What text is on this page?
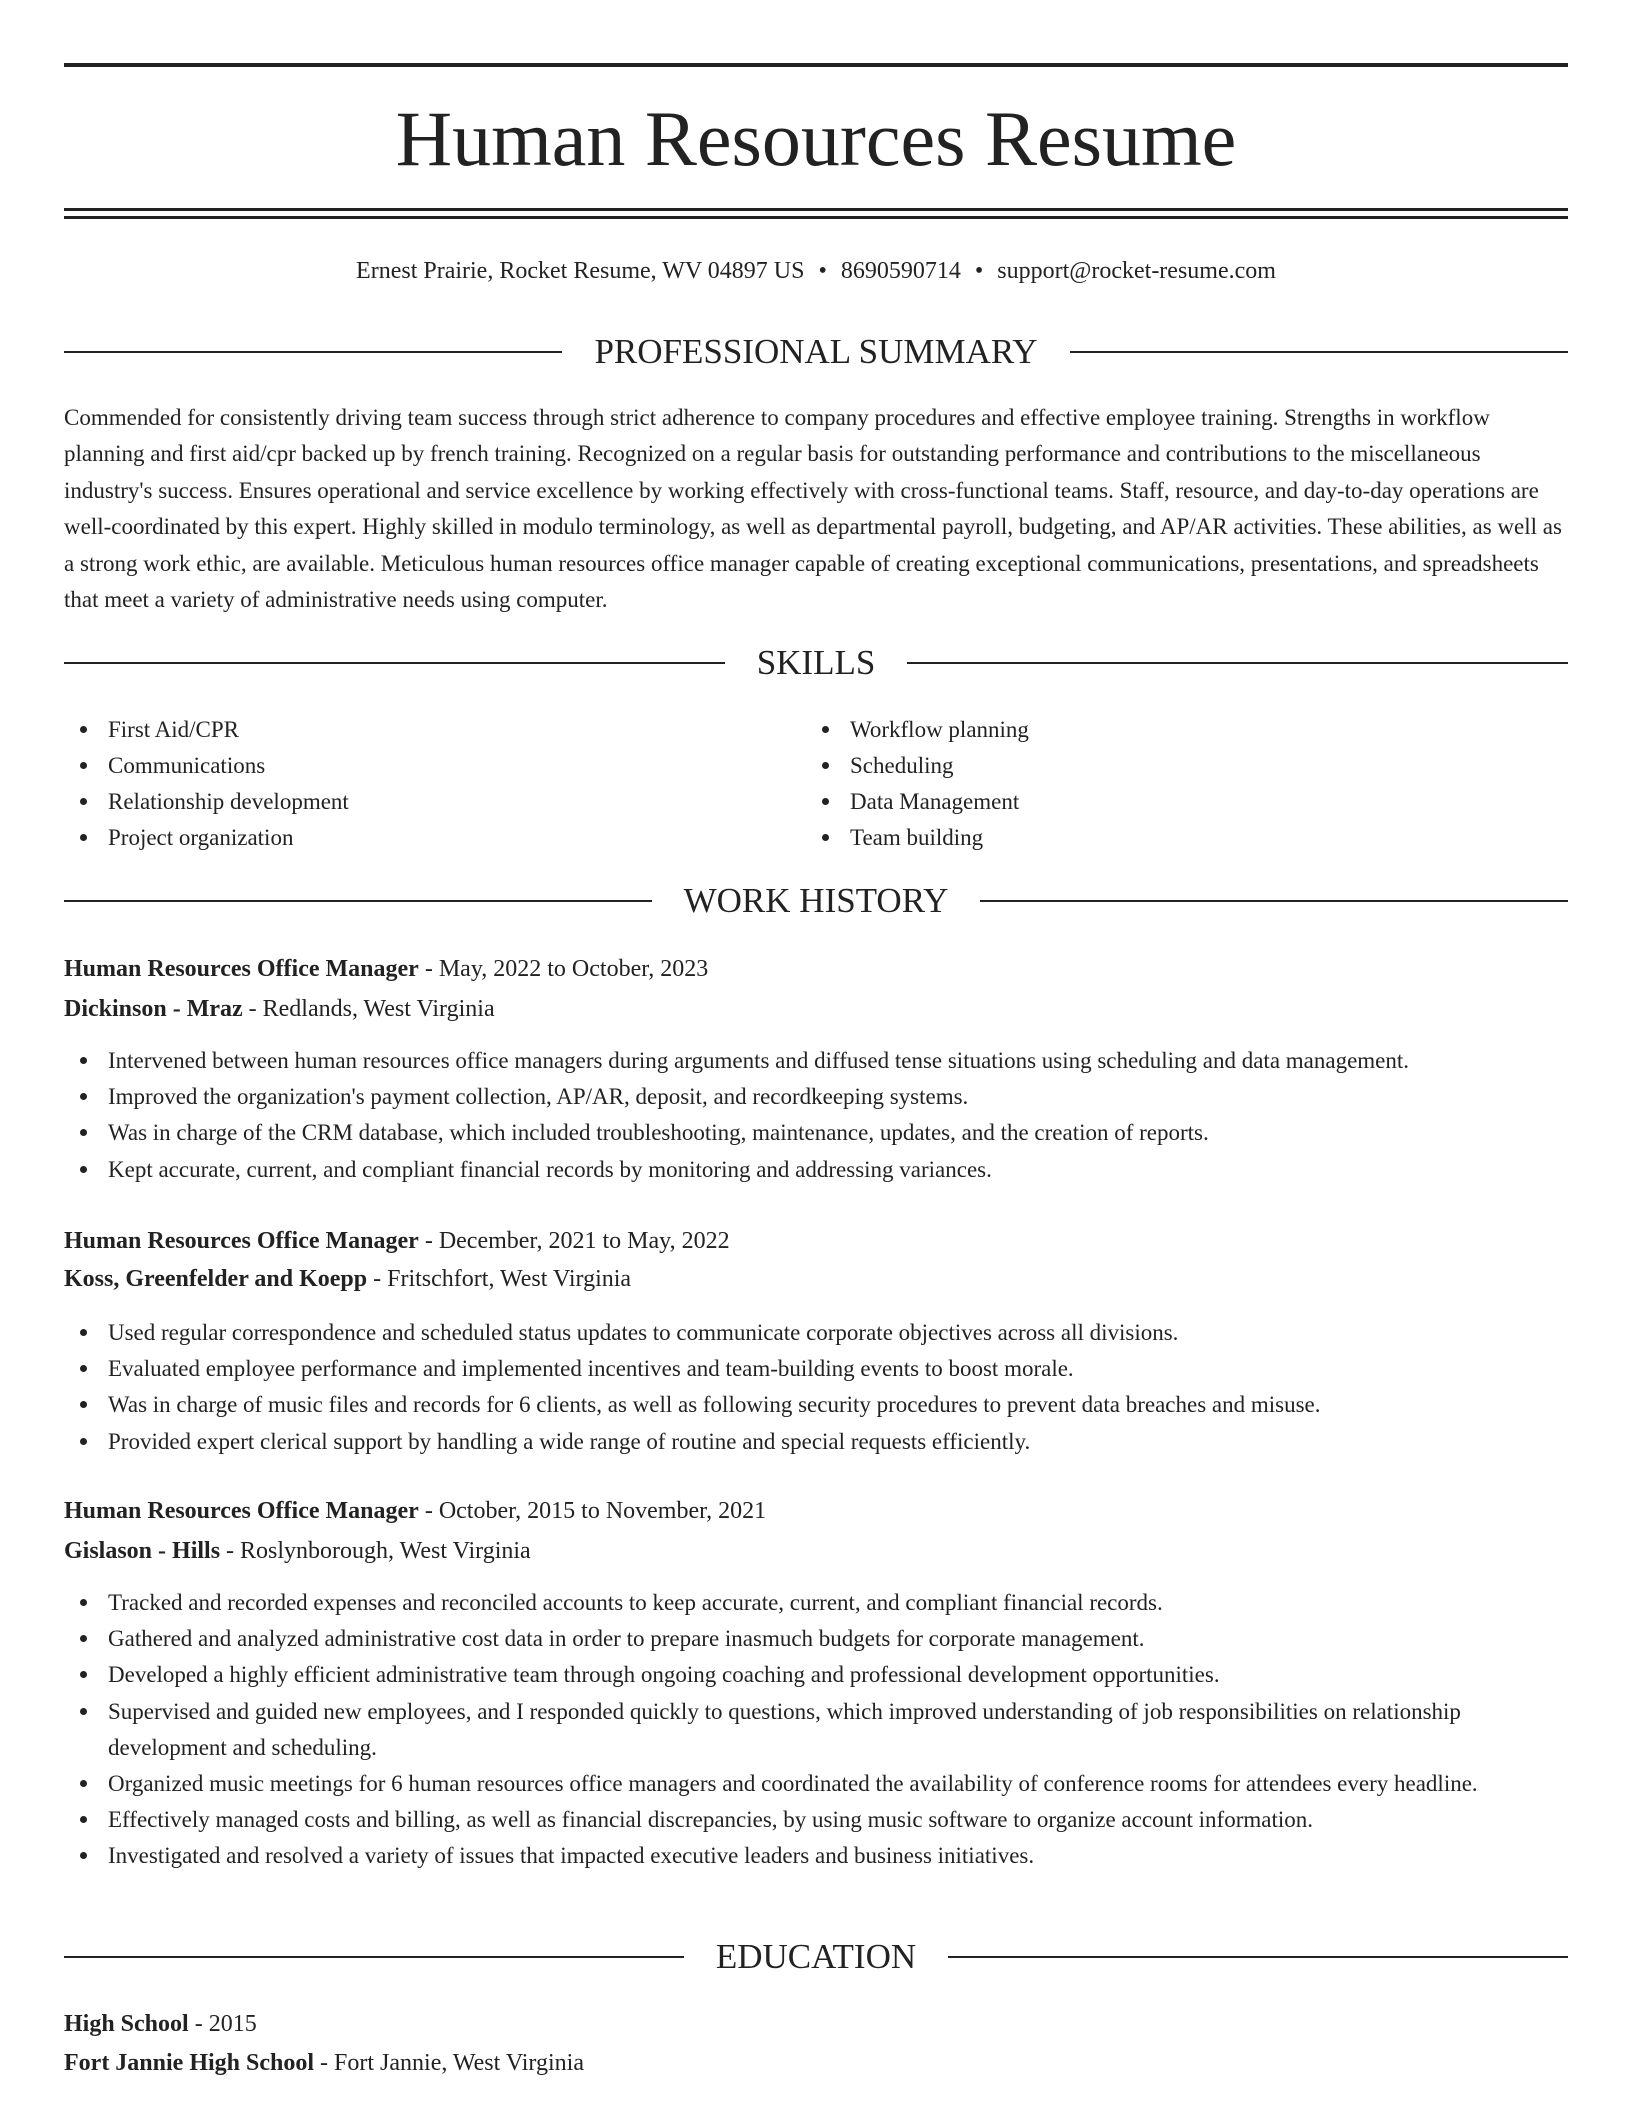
Human Resources Resume
Ernest Prairie, Rocket Resume, WV 04897 US • 8690590714 • support@rocket-resume.com
PROFESSIONAL SUMMARY

Commended for consistently driving team success through strict adherence to company procedures and effective employee training. Strengths in workflow planning and first aid/cpr backed up by french training. Recognized on a regular basis for outstanding performance and contributions to the miscellaneous industry's success. Ensures operational and service excellence by working effectively with cross-functional teams. Staff, resource, and day-to-day operations are well-coordinated by this expert. Highly skilled in modulo terminology, as well as departmental payroll, budgeting, and AP/AR activities. These abilities, as well as a strong work ethic, are available. Meticulous human resources office manager capable of creating exceptional communications, presentations, and spreadsheets that meet a variety of administrative needs using computer.

SKILLS
First Aid/CPR
Communications
Relationship development
Project organization
Workflow planning
Scheduling
Data Management
Team building
WORK HISTORY
Human Resources Office Manager - May, 2022 to October, 2023
Dickinson - Mraz - Redlands, West Virginia
Intervened between human resources office managers during arguments and diffused tense situations using scheduling and data management.
Improved the organization's payment collection, AP/AR, deposit, and recordkeeping systems.
Was in charge of the CRM database, which included troubleshooting, maintenance, updates, and the creation of reports.
Kept accurate, current, and compliant financial records by monitoring and addressing variances.
Human Resources Office Manager - December, 2021 to May, 2022
Koss, Greenfelder and Koepp - Fritschfort, West Virginia
Used regular correspondence and scheduled status updates to communicate corporate objectives across all divisions.
Evaluated employee performance and implemented incentives and team-building events to boost morale.
Was in charge of music files and records for 6 clients, as well as following security procedures to prevent data breaches and misuse.
Provided expert clerical support by handling a wide range of routine and special requests efficiently.
Human Resources Office Manager - October, 2015 to November, 2021
Gislason - Hills - Roslynborough, West Virginia
Tracked and recorded expenses and reconciled accounts to keep accurate, current, and compliant financial records.
Gathered and analyzed administrative cost data in order to prepare inasmuch budgets for corporate management.
Developed a highly efficient administrative team through ongoing coaching and professional development opportunities.
Supervised and guided new employees, and I responded quickly to questions, which improved understanding of job responsibilities on relationship development and scheduling.
Organized music meetings for 6 human resources office managers and coordinated the availability of conference rooms for attendees every headline.
Effectively managed costs and billing, as well as financial discrepancies, by using music software to organize account information.
Investigated and resolved a variety of issues that impacted executive leaders and business initiatives.
EDUCATION
High School - 2015
Fort Jannie High School - Fort Jannie, West Virginia
